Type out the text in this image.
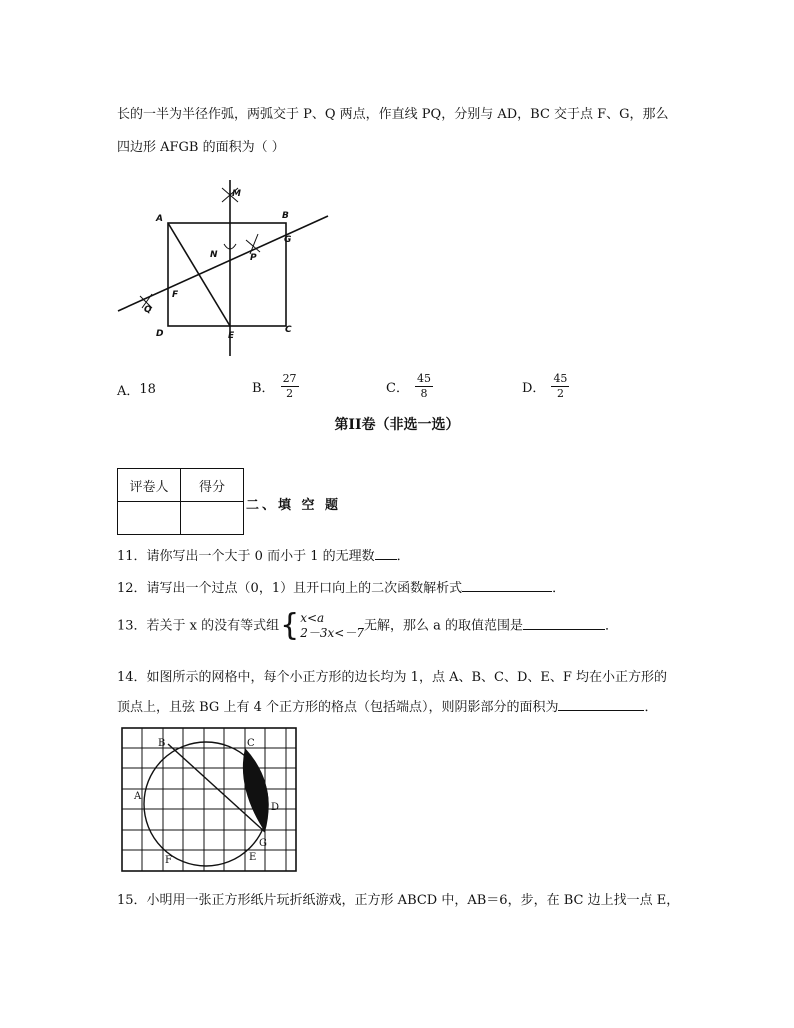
长的一半为半径作弧，两弧交于 P、Q 两点，作直线 PQ，分别与 AD，BC 交于点 F、G，那么
四边形 AFGB 的面积为（ ）
A	B
C
D	E
F
G
M
N	P
Q
A． 18	B． $\frac{27}{2}$	C． $\frac{45}{8}$	D． $\frac{45}{2}$
第II卷（非选一选）
评卷人	得分

二、填 空 题
11．请你写出一个大于 0 而小于 1 的无理数 ．
12．请写出一个过点（0，1）且开口向上的二次函数解析式	．
13．若关于 x 的没有等式组 { x<a
2－3x<－7 无解，那么 a 的取值范围是	．
14．如图所示的网格中，每个小正方形的边长均为 1，点 A、B、C、D、E、F 均在小正方形的
顶点上，且弦 BG 上有 4 个正方形的格点（包括端点），则阴影部分的面积为	．
B	C
A
D
G
E
F
15．小明用一张正方形纸片玩折纸游戏，正方形 ABCD 中，AB＝6，步，在 BC 边上找一点 E，
